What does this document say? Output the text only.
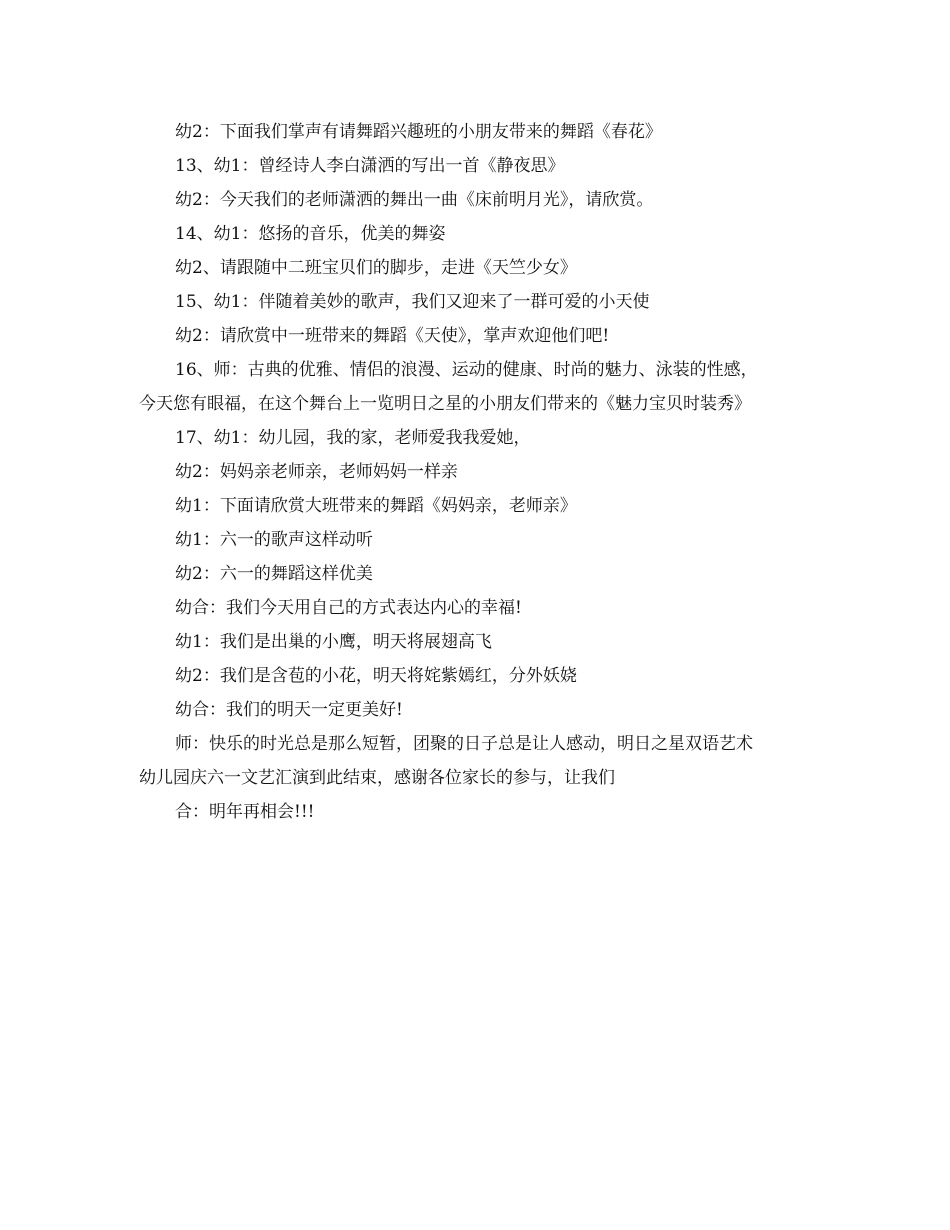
幼2：下面我们掌声有请舞蹈兴趣班的小朋友带来的舞蹈《春花》

13、幼1：曾经诗人李白潇洒的写出一首《静夜思》

幼2：今天我们的老师潇洒的舞出一曲《床前明月光》，请欣赏。

14、幼1：悠扬的音乐，优美的舞姿

幼2、请跟随中二班宝贝们的脚步，走进《天竺少女》

15、幼1：伴随着美妙的歌声，我们又迎来了一群可爱的小天使

幼2：请欣赏中一班带来的舞蹈《天使》，掌声欢迎他们吧!

16、师：古典的优雅、情侣的浪漫、运动的健康、时尚的魅力、泳装的性感，
今天您有眼福，在这个舞台上一览明日之星的小朋友们带来的《魅力宝贝时装秀》

17、幼1：幼儿园，我的家，老师爱我我爱她，

幼2：妈妈亲老师亲，老师妈妈一样亲

幼1：下面请欣赏大班带来的舞蹈《妈妈亲，老师亲》

幼1：六一的歌声这样动听

幼2：六一的舞蹈这样优美

幼合：我们今天用自己的方式表达内心的幸福!

幼1：我们是出巢的小鹰，明天将展翅高飞

幼2：我们是含苞的小花，明天将姹紫嫣红，分外妖娆

幼合：我们的明天一定更美好!

师：快乐的时光总是那么短暂，团聚的日子总是让人感动，明日之星双语艺术
幼儿园庆六一文艺汇演到此结束，感谢各位家长的参与，让我们

合：明年再相会!!!
